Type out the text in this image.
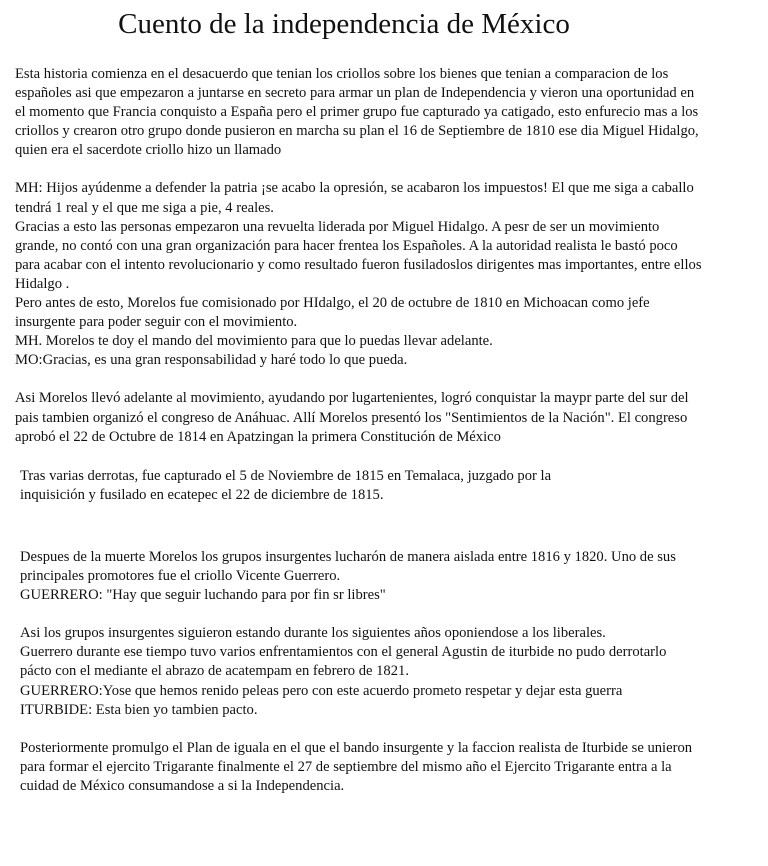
Cuento de la independencia de México

Esta historia comienza en el desacuerdo que tenian los criollos sobre los bienes que tenian a comparacion de los

españoles asi que empezaron a juntarse en secreto para armar un plan de Independencia y vieron una oportunidad en

el momento que Francia conquisto a España pero el primer grupo fue capturado ya catigado, esto enfurecio mas a los

criollos y crearon otro grupo donde pusieron en marcha su plan el 16 de Septiembre de 1810 ese dia Miguel Hidalgo,

quien era el sacerdote criollo hizo un llamado

MH: Hijos ayúdenme a defender la patria ¡se acabo la opresión, se acabaron los impuestos! El que me siga a caballo

tendrá 1 real y el que me siga a pie, 4 reales.

Gracias a esto las personas empezaron una revuelta liderada por Miguel Hidalgo. A pesr de ser un movimiento

grande, no contó con una gran organización para hacer frentea los Españoles. A la autoridad realista le bastó poco

para acabar con el intento revolucionario y como resultado fueron fusiladoslos dirigentes mas importantes, entre ellos

Hidalgo .

Pero antes de esto, Morelos fue comisionado por HIdalgo, el 20 de octubre de 1810 en Michoacan como jefe

insurgente para poder seguir con el movimiento.

MH. Morelos te doy el mando del movimiento para que lo puedas llevar adelante.

MO:Gracias, es una gran responsabilidad y haré todo lo que pueda.

Asi Morelos llevó adelante al movimiento, ayudando por lugartenientes, logró conquistar la maypr parte del sur del

pais tambien organizó el congreso de Anáhuac. Allí Morelos presentó los "Sentimientos de la Nación". El congreso

aprobó el 22 de Octubre de 1814 en Apatzingan la primera Constitución de México

Tras varias derrotas, fue capturado el 5 de Noviembre de 1815 en Temalaca, juzgado por la

inquisición y fusilado en ecatepec el 22 de diciembre de 1815.

Despues de la muerte Morelos los grupos insurgentes lucharón de manera aislada entre 1816 y 1820. Uno de sus

principales promotores fue el criollo Vicente Guerrero.

GUERRERO: "Hay que seguir luchando para por fin sr libres"

Asi los grupos insurgentes siguieron estando durante los siguientes años oponiendose a los liberales.

Guerrero durante ese tiempo tuvo varios enfrentamientos con el general Agustin de iturbide no pudo derrotarlo

pácto con el mediante el abrazo de acatempam en febrero de 1821.

GUERRERO:Yose que hemos renido peleas pero con este acuerdo prometo respetar y dejar esta guerra

ITURBIDE: Esta bien yo tambien pacto.

Posteriormente promulgo el Plan de iguala en el que el bando insurgente y la faccion realista de Iturbide se unieron

para formar el ejercito Trigarante finalmente el 27 de septiembre del mismo año el Ejercito Trigarante entra a la

cuidad de México consumandose a si la Independencia.
